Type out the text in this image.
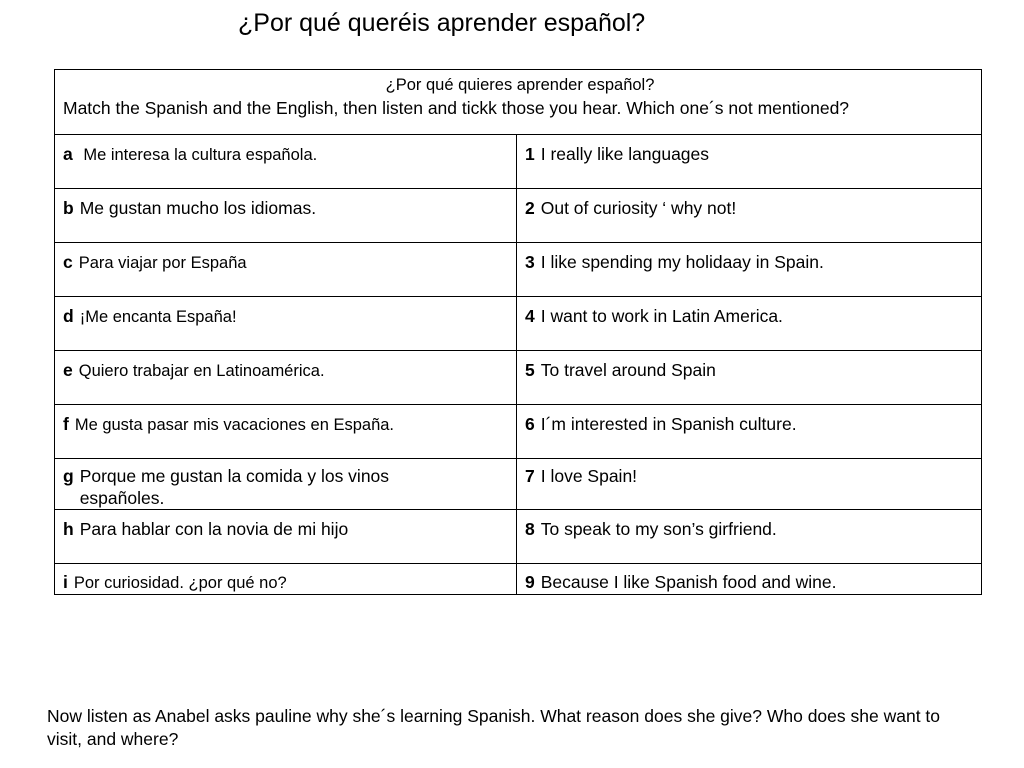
¿Por qué queréis aprender español?
¿Por qué quieres aprender español?
Match the Spanish and the English, then listen and tickk those you hear. Which one´s not mentioned?	

a Me interesa la cultura española.	1 I really like languages
b Me gustan mucho los idiomas.	2 Out of curiosity ‘ why not!
c Para viajar por España	3 I like spending my holidaay in Spain.
d ¡Me encanta España!	4 I want to work in Latin America.
e Quiero trabajar en Latinoamérica.	5 To travel around Spain
f Me gusta pasar mis vacaciones en España.	6 I´m interested in Spanish culture.

g Porque me gustan la comida y los vinos españoles.	7 I love Spain!
h Para hablar con la novia de mi hijo	8 To speak to my son’s girfriend.
i Por curiosidad. ¿por qué no?	9 Because I like Spanish food and wine.
Now listen as Anabel asks pauline why she´s learning Spanish. What reason does she give? Who does she want to visit, and where?
